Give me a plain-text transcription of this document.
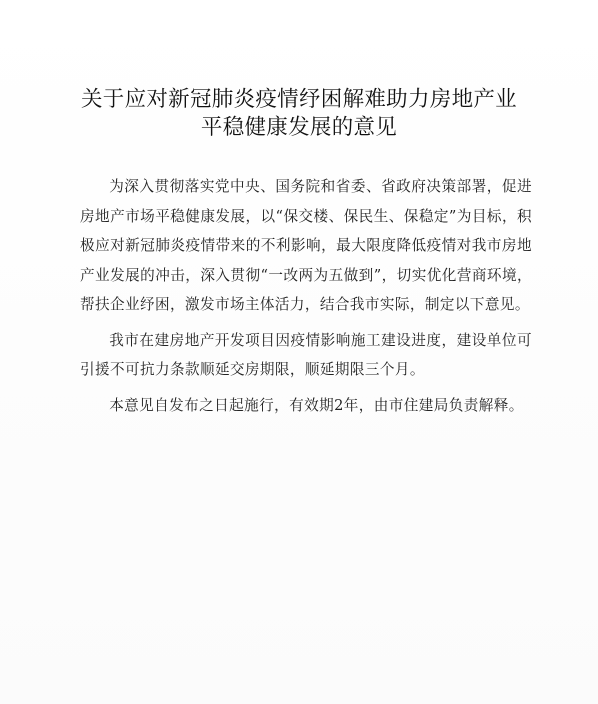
关于应对新冠肺炎疫情纾困解难助力房地产业
平稳健康发展的意见

为深入贯彻落实党中央、国务院和省委、省政府决策部署，促进房地产市场平稳健康发展，以“保交楼、保民生、保稳定”为目标，积极应对新冠肺炎疫情带来的不利影响，最大限度降低疫情对我市房地产业发展的冲击，深入贯彻“一改两为五做到”，切实优化营商环境，帮扶企业纾困，激发市场主体活力，结合我市实际，制定以下意见。

我市在建房地产开发项目因疫情影响施工建设进度，建设单位可引援不可抗力条款顺延交房期限，顺延期限三个月。

本意见自发布之日起施行，有效期2年，由市住建局负责解释。
